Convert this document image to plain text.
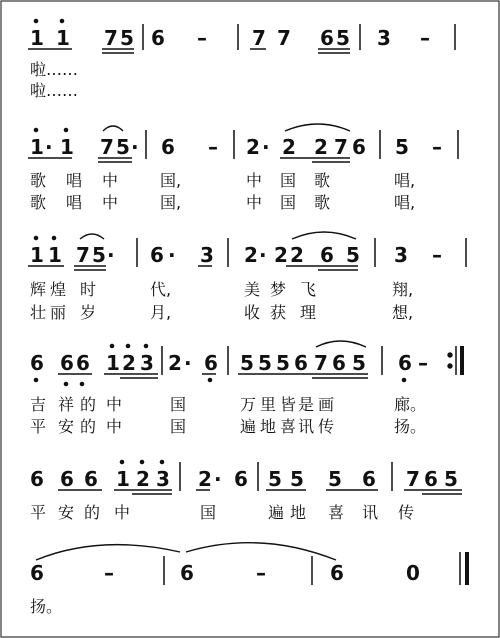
1 1 7 5 6 – 7 7 6 5 3 –
啦……
啦……
1 · 1 7 5 · 6 – 2 · 2 2 7 6 5 –
歌 唱 中	国,	中 国 歌	唱,
歌 唱 中	国,	中 国 歌	唱,
1 1 7 5 · 6 · 3 2 · 2 2 6 5 3 –
辉 煌 时	代,	美 梦 飞	翔,
壮 丽 岁	月,	收 获 理	想,
6 6 6 1 2 3 2 · 6 5 5 5 6 7 6 5 6 –
吉 祥 的 中	国	万 里 皆 是 画	廊。
平 安 的 中	国	遍 地 喜 讯 传	扬。
6 6 6 1 2 3 2 · 6 5 5 5 6 7 6 5
平 安 的 中	国	遍 地 喜 讯 传
6	–	6	–	6	0
扬。
